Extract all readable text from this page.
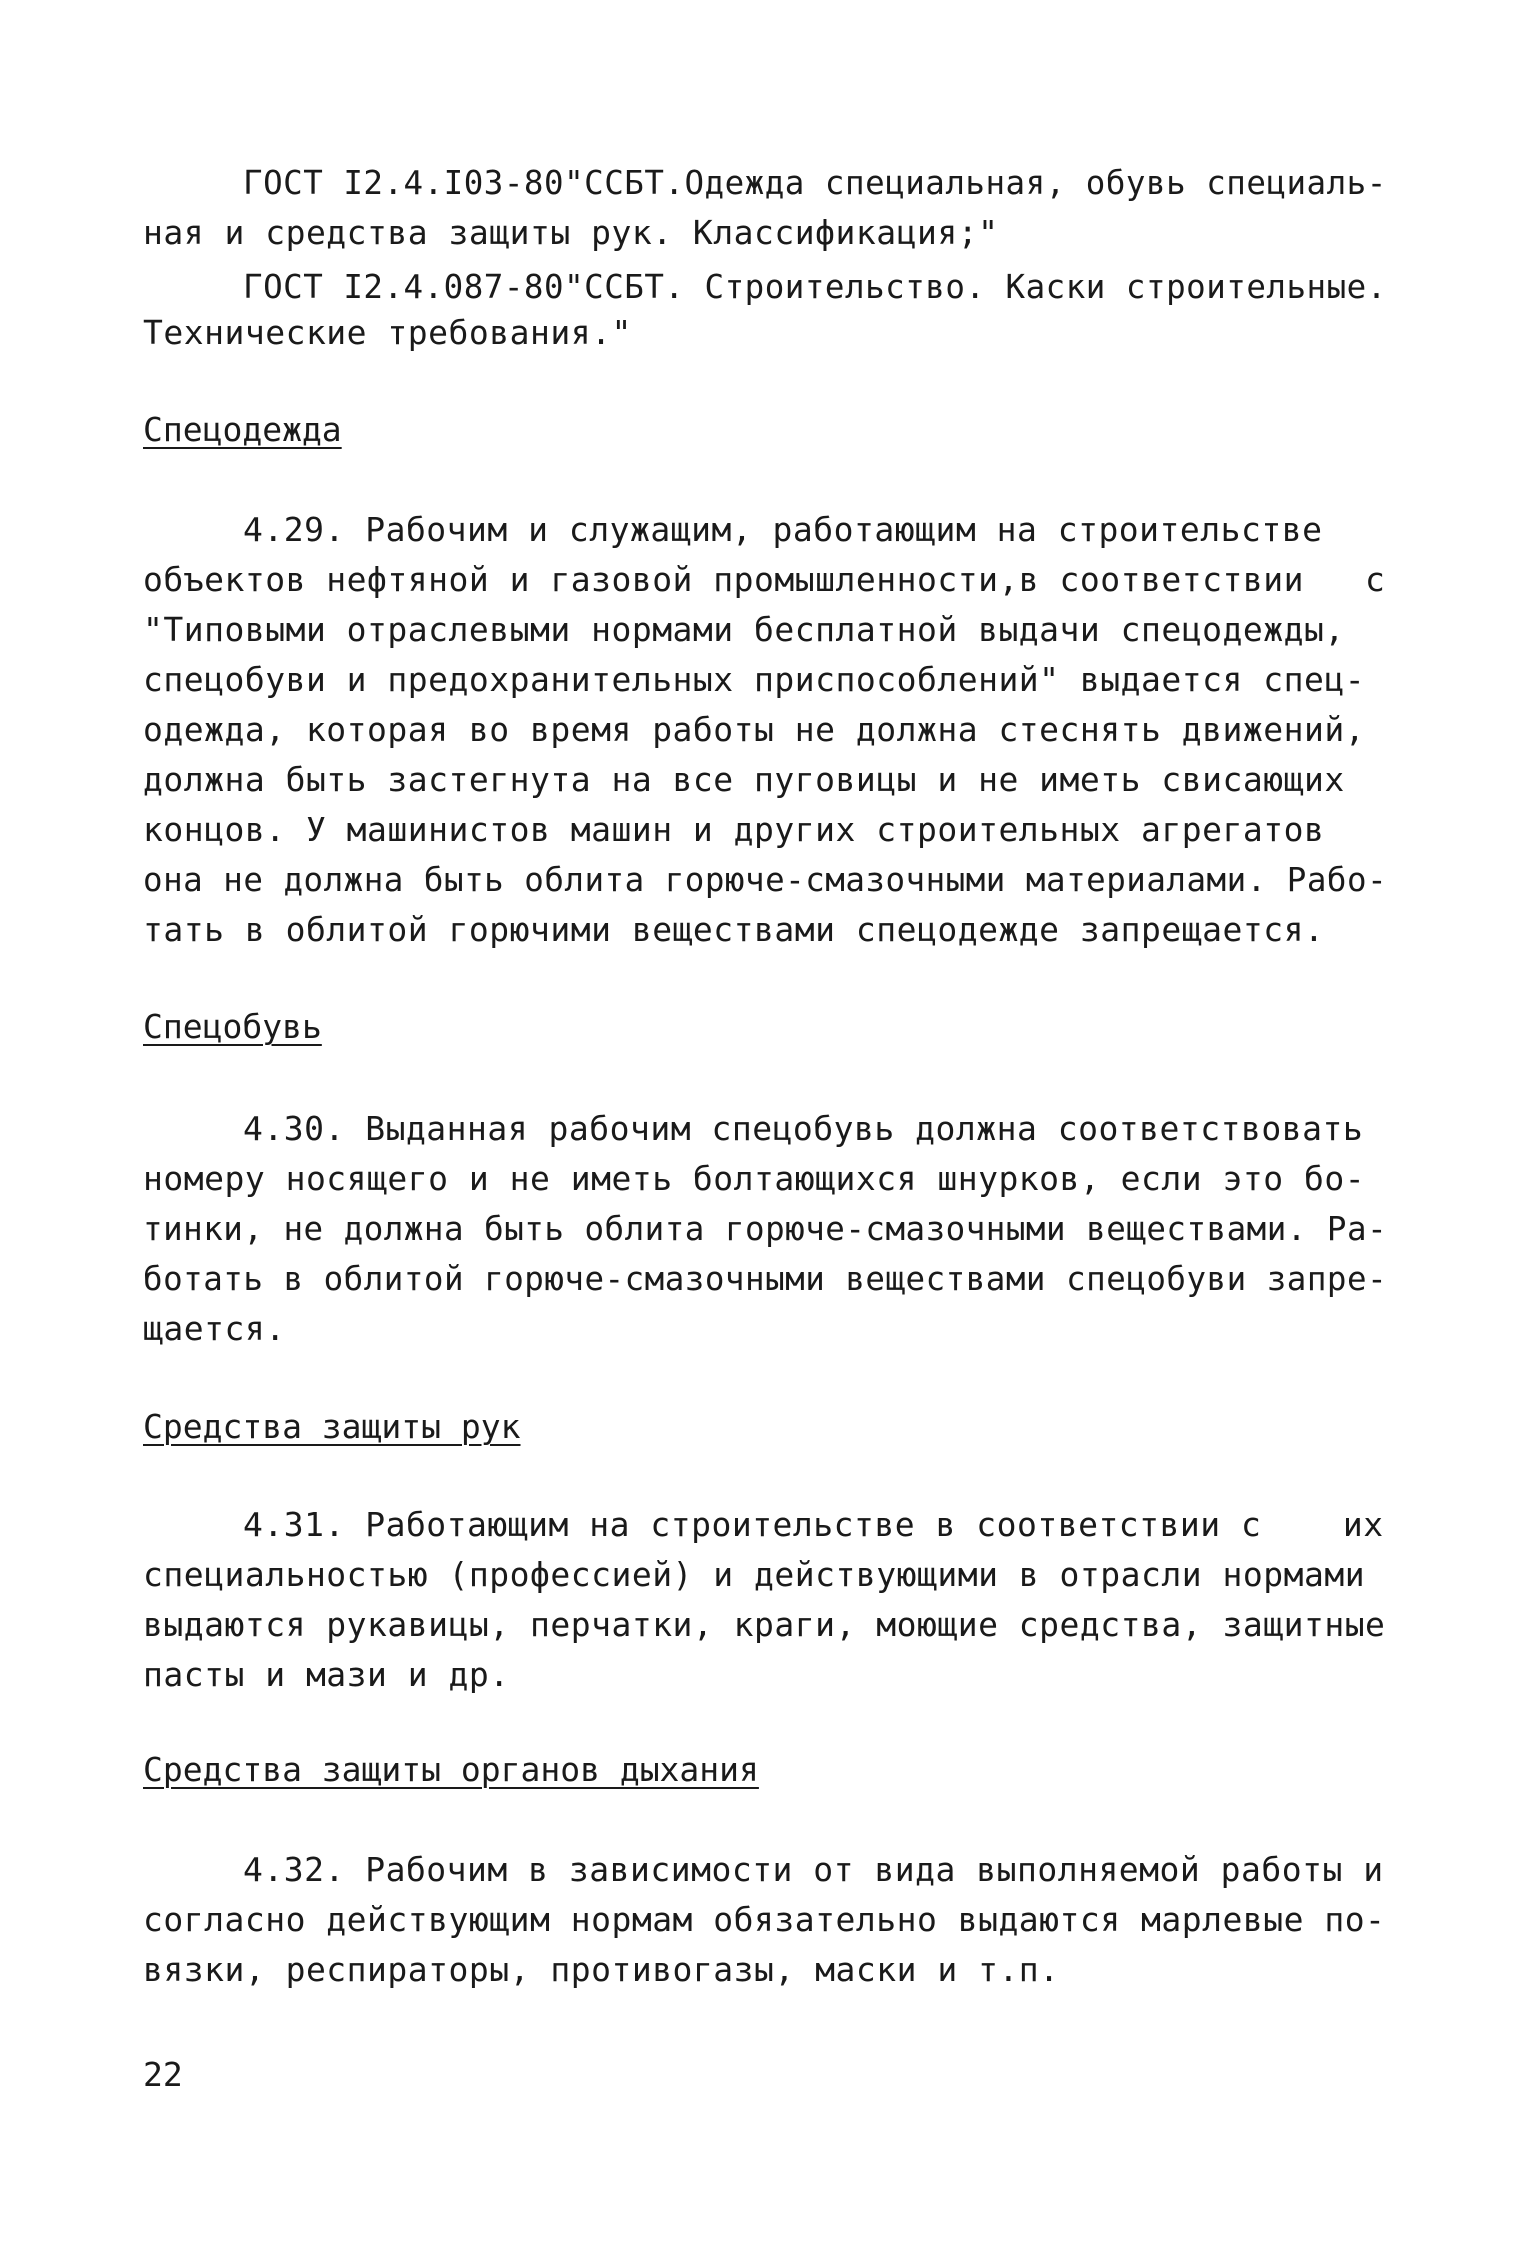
ГОСТ I2.4.I03-80"ССБТ.Одежда специальная, обувь специаль-
ная и средства защиты рук. Классификация;"
ГОСТ I2.4.087-80"ССБТ. Строительство. Каски строительные.
Технические требования."
Спецодежда
4.29. Рабочим и служащим, работающим на строительстве
объектов нефтяной и газовой промышленности,в соответствии   с
"Типовыми отраслевыми нормами бесплатной выдачи спецодежды,
спецобуви и предохранительных приспособлений" выдается спец-
одежда, которая во время работы не должна стеснять движений,
должна быть застегнута на все пуговицы и не иметь свисающих
концов. У машинистов машин и других строительных агрегатов
она не должна быть облита горюче-смазочными материалами. Рабо-
тать в облитой горючими веществами спецодежде запрещается.
Спецобувь
4.30. Выданная рабочим спецобувь должна соответствовать
номеру носящего и не иметь болтающихся шнурков, если это бо-
тинки, не должна быть облита горюче-смазочными веществами. Ра-
ботать в облитой горюче-смазочными веществами спецобуви запре-
щается.
Средства защиты рук
4.31. Работающим на строительстве в соответствии с    их
специальностью (профессией) и действующими в отрасли нормами
выдаются рукавицы, перчатки, краги, моющие средства, защитные
пасты и мази и др.
Средства защиты органов дыхания
4.32. Рабочим в зависимости от вида выполняемой работы и
согласно действующим нормам обязательно выдаются марлевые по-
вязки, респираторы, противогазы, маски и т.п.
22
